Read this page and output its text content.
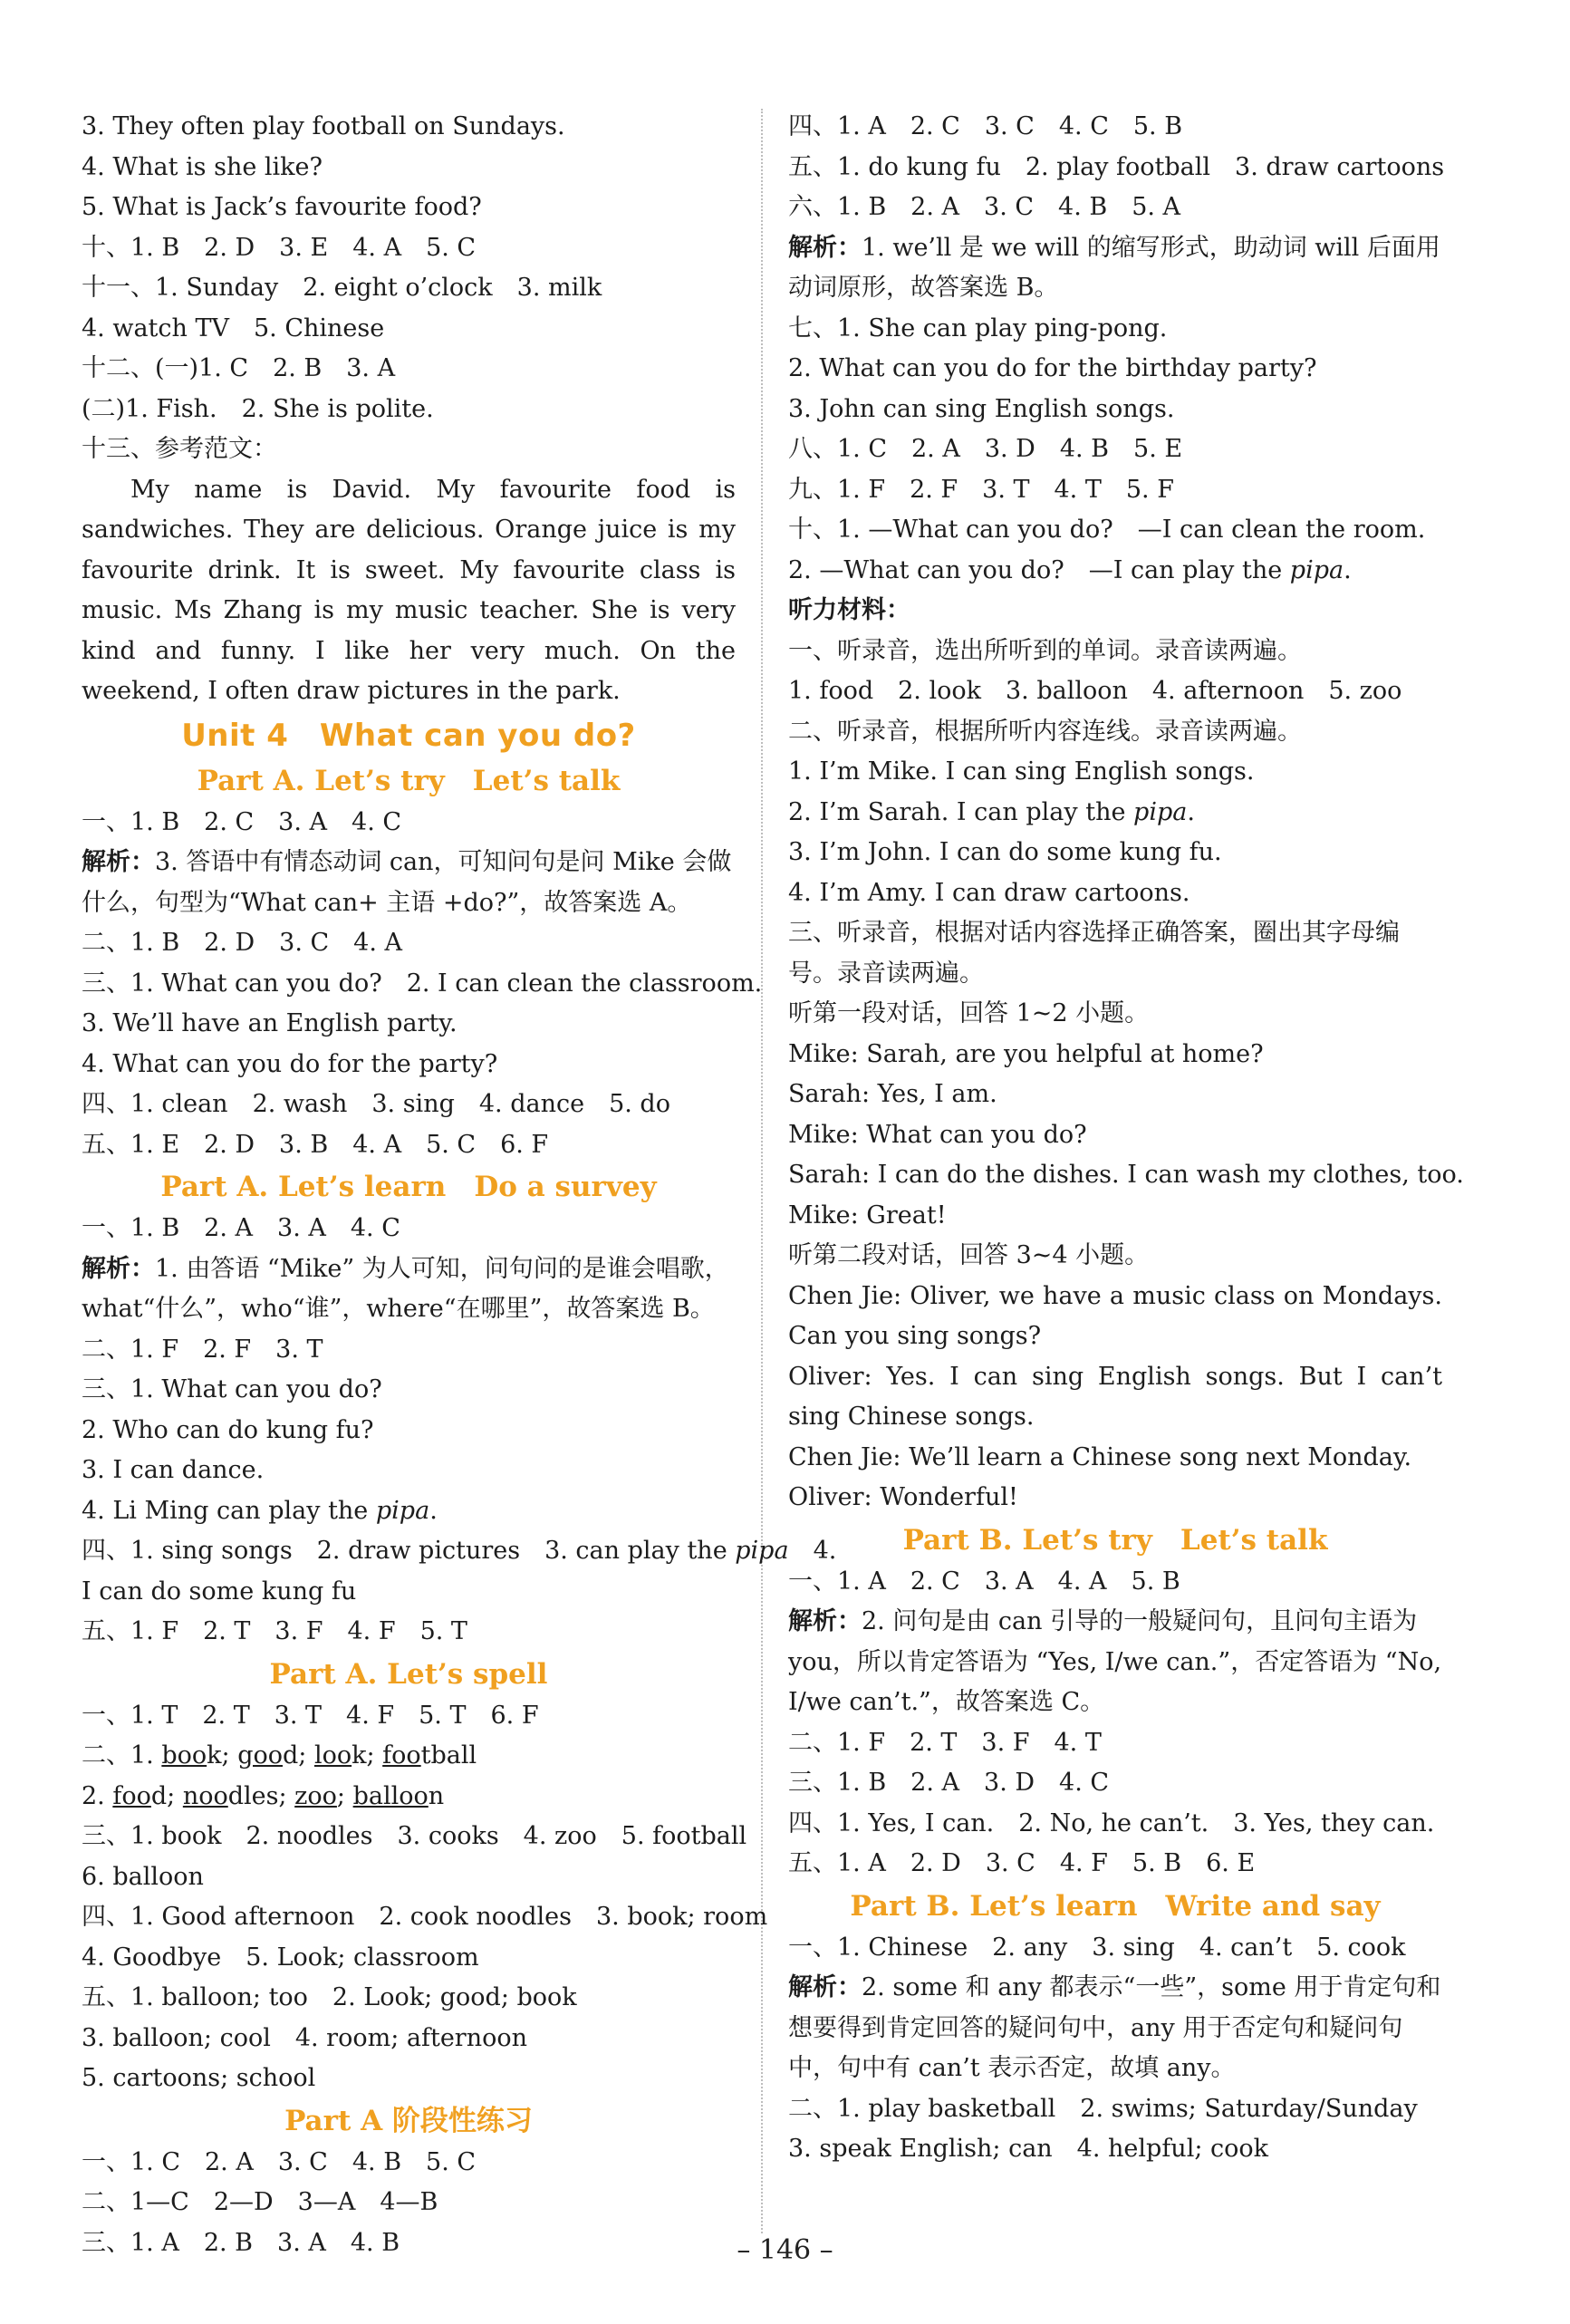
3. They often play football on Sundays.
4. What is she like?
5. What is Jack’s favourite food?
十、1. B　2. D　3. E　4. A　5. C
十一、1. Sunday　2. eight o’clock　3. milk
4. watch TV　5. Chinese
十二、(一)1. C　2. B　3. A
(二)1. Fish.　2. She is polite.
十三、参考范文：

My name is David. My favourite food is sandwiches. They are delicious. Orange juice is my favourite drink. It is sweet. My favourite class is music. Ms Zhang is my music teacher. She is very kind and funny. I like her very much. On the weekend, I often draw pictures in the park.

Unit 4　What can you do?
Part A. Let’s try　Let’s talk
一、1. B　2. C　3. A　4. C
解析：3. 答语中有情态动词 can，可知问句是问 Mike 会做什么，句型为“What can+ 主语 +do?”，故答案选 A。
二、1. B　2. D　3. C　4. A
三、1. What can you do?　2. I can clean the classroom.
3. We’ll have an English party.
4. What can you do for the party?
四、1. clean　2. wash　3. sing　4. dance　5. do
五、1. E　2. D　3. B　4. A　5. C　6. F
Part A. Let’s learn　Do a survey
一、1. B　2. A　3. A　4. C
解析：1. 由答语 “Mike” 为人可知，问句问的是谁会唱歌，what“什么”，who“谁”，where“在哪里”，故答案选 B。
二、1. F　2. F　3. T
三、1. What can you do?
2. Who can do kung fu?
3. I can dance.
4. Li Ming can play the pipa.
四、1. sing songs　2. draw pictures　3. can play the pipa　4.
I can do some kung fu
五、1. F　2. T　3. F　4. F　5. T
Part A. Let’s spell
一、1. T　2. T　3. T　4. F　5. T　6. F
二、1. book; good; look; football
2. food; noodles; zoo; balloon
三、1. book　2. noodles　3. cooks　4. zoo　5. football
6. balloon
四、1. Good afternoon　2. cook noodles　3. book; room
4. Goodbye　5. Look; classroom
五、1. balloon; too　2. Look; good; book
3. balloon; cool　4. room; afternoon
5. cartoons; school
Part A 阶段性练习
一、1. C　2. A　3. C　4. B　5. C
二、1—C　2—D　3—A　4—B
三、1. A　2. B　3. A　4. B
四、1. A　2. C　3. C　4. C　5. B
五、1. do kung fu　2. play football　3. draw cartoons
六、1. B　2. A　3. C　4. B　5. A
解析：1. we’ll 是 we will 的缩写形式，助动词 will 后面用动词原形，故答案选 B。
七、1. She can play ping-pong.
2. What can you do for the birthday party?
3. John can sing English songs.
八、1. C　2. A　3. D　4. B　5. E
九、1. F　2. F　3. T　4. T　5. F
十、1. —What can you do?　—I can clean the room.
2. —What can you do?　—I can play the pipa.
听力材料：
一、听录音，选出所听到的单词。录音读两遍。
1. food　2. look　3. balloon　4. afternoon　5. zoo
二、听录音，根据所听内容连线。录音读两遍。
1. I’m Mike. I can sing English songs.
2. I’m Sarah. I can play the pipa.
3. I’m John. I can do some kung fu.
4. I’m Amy. I can draw cartoons.
三、听录音，根据对话内容选择正确答案，圈出其字母编号。录音读两遍。
听第一段对话，回答 1~2 小题。
Mike: Sarah, are you helpful at home?
Sarah: Yes, I am.
Mike: What can you do?
Sarah: I can do the dishes. I can wash my clothes, too.
Mike: Great!
听第二段对话，回答 3~4 小题。
Chen Jie: Oliver, we have a music class on Mondays. Can you sing songs?
Oliver: Yes. I can sing English songs. But I can’t sing Chinese songs.
Chen Jie: We’ll learn a Chinese song next Monday.
Oliver: Wonderful!
Part B. Let’s try　Let’s talk
一、1. A　2. C　3. A　4. A　5. B
解析：2. 问句是由 can 引导的一般疑问句，且问句主语为 you，所以肯定答语为 “Yes, I/we can.”，否定答语为 “No, I/we can’t.”，故答案选 C。
二、1. F　2. T　3. F　4. T
三、1. B　2. A　3. D　4. C
四、1. Yes, I can.　2. No, he can’t.　3. Yes, they can.
五、1. A　2. D　3. C　4. F　5. B　6. E
Part B. Let’s learn　Write and say
一、1. Chinese　2. any　3. sing　4. can’t　5. cook
解析：2. some 和 any 都表示“一些”，some 用于肯定句和想要得到肯定回答的疑问句中，any 用于否定句和疑问句中，句中有 can’t 表示否定，故填 any。
二、1. play basketball　2. swims; Saturday/Sunday
3. speak English; can　4. helpful; cook
– 146 –
